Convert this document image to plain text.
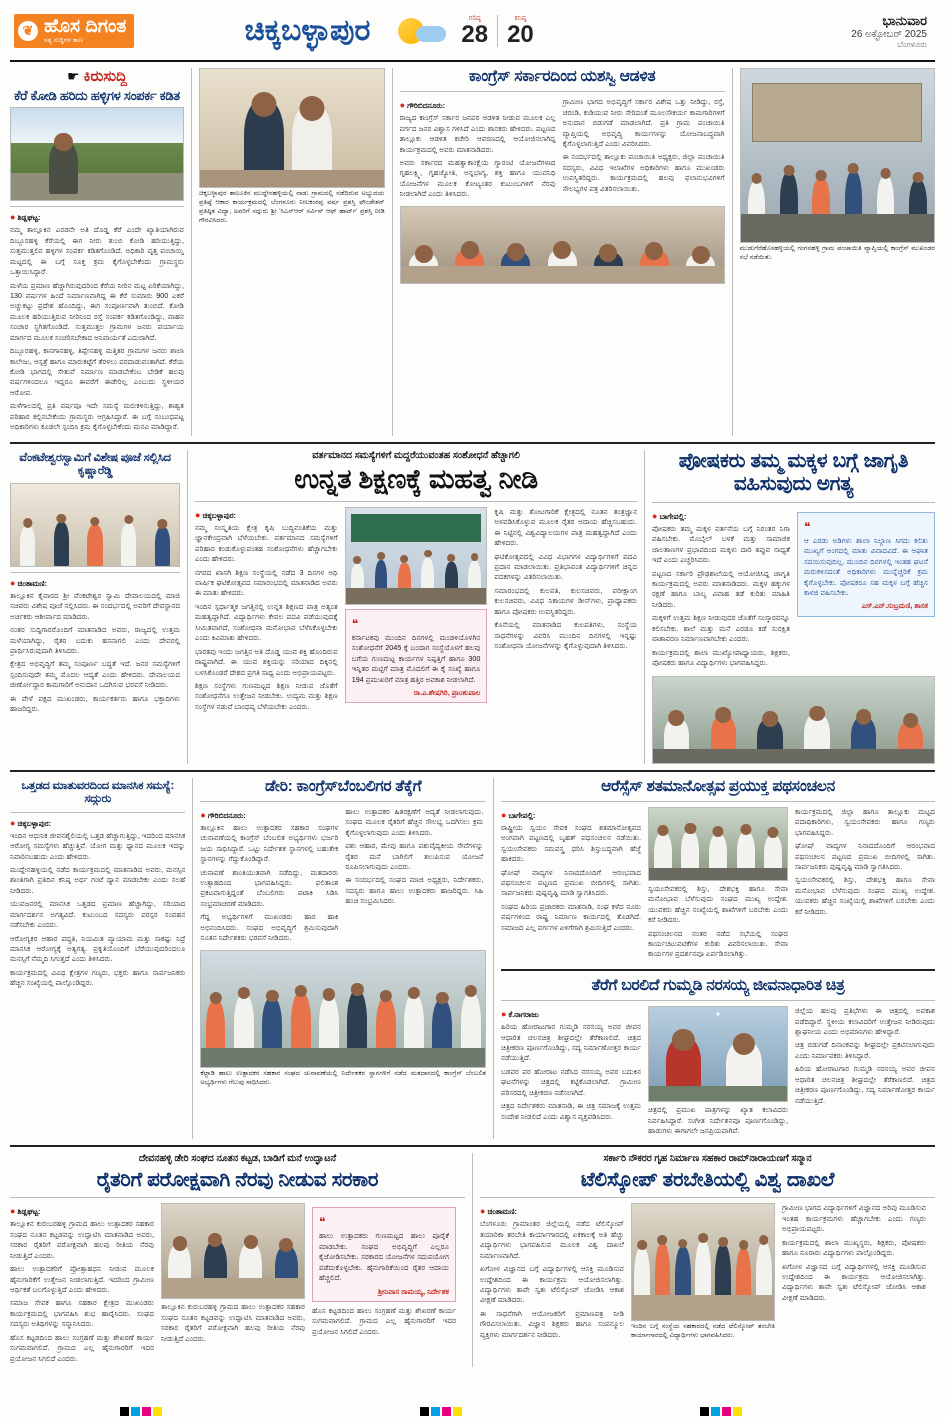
❦ ಹೊಸ ದಿಗಂತ
ಸತ್ಯ ಸುದ್ದಿಗಳ ತಾಣ	ಚಿಕ್ಕಬಳ್ಳಾಪುರ	ಗರಿಷ್ಠ
28
ಕನಿಷ್ಠ
20
ಭಾನುವಾರ
26 ಅಕ್ಟೋಬರ್ 2025
ಬೆಂಗಳೂರು
☛ ಕಿರುಸುದ್ದಿ
ಕೆರೆ ಕೋಡಿ ಹರಿದು ಹಳ್ಳಿಗಳ ಸಂಪರ್ಕ ಕಡಿತ
● ಶಿಡ್ಲಘಟ್ಟ:

ನಮ್ಮ ತಾಲ್ಲೂಕಿನ ಎರಡನೇ ಅತಿ ದೊಡ್ಡ ಕೆರೆ ಎಂದೇ ಖ್ಯಾತಿಯಾಗಿರುವ ದಿಬ್ಬೂರಹಳ್ಳಿ ಕೆರೆಯಲ್ಲಿ ಈಗ ನೀರು ತುಂಬಿ ಕೋಡಿ ಹರಿಯುತ್ತಿದ್ದು, ಸುತ್ತಮುತ್ತಲಿನ ಹಳ್ಳಿಗಳ ಸಂಪರ್ಕ ಕಡಿತಗೊಂಡಿದೆ. ಅಧಿಕಾರಿ ವೃತ್ತ ಪಂಚಾಯ್ತಿ ಮಟ್ಟದಲ್ಲಿ ಈ ಬಗ್ಗೆ ಸೂಕ್ತ ಕ್ರಮ ಕೈಗೊಳ್ಳಬೇಕೆಂದು ಗ್ರಾಮಸ್ಥರು ಒತ್ತಾಯಿಸಿದ್ದಾರೆ.

ಮಳೆಯ ಪ್ರಮಾಣ ಹೆಚ್ಚಾಗಿರುವುದರಿಂದ ಕೆರೆಯ ನೀರಿನ ಮಟ್ಟ ಏರಿಕೆಯಾಗಿದ್ದು, 130 ವರ್ಷಗಳ ಹಿಂದೆ ನಿರ್ಮಾಣವಾಗಿದ್ದ ಈ ಕೆರೆ ಸುಮಾರು 900 ಎಕರೆ ಅಚ್ಚುಕಟ್ಟು ಪ್ರದೇಶ ಹೊಂದಿದ್ದು, ಈಗ ಸಂಪೂರ್ಣವಾಗಿ ತುಂಬಿದೆ. ಕೋಡಿ ಮೂಲಕ ಹರಿಯುತ್ತಿರುವ ನೀರಿನಿಂದ ರಸ್ತೆ ಸಂಪರ್ಕ ಕಡಿತಗೊಂಡಿದ್ದು, ವಾಹನ ಸಂಚಾರ ಸ್ಥಗಿತಗೊಂಡಿದೆ. ಸುತ್ತಮುತ್ತಲ ಗ್ರಾಮಗಳ ಜನರು ಪರ್ಯಾಯ ಮಾರ್ಗದ ಮೂಲಕ ಸಂಚರಿಸಬೇಕಾದ ಅನಿವಾರ್ಯತೆ ಎದುರಾಗಿದೆ.

ದಿಬ್ಬೂರಹಳ್ಳಿ, ಕಾನಗಾನಹಳ್ಳಿ, ತಿಪ್ಪೇನಹಳ್ಳಿ ಮತ್ತಿತರ ಗ್ರಾಮಗಳ ಜನರು ಶಾಲಾ ಕಾಲೇಜು, ಆಸ್ಪತ್ರೆ ಹಾಗೂ ಮಾರುಕಟ್ಟೆಗೆ ತೆರಳಲು ಪರದಾಡುವಂತಾಗಿದೆ. ಕೆರೆಯ ಕೋಡಿ ಭಾಗದಲ್ಲಿ ಸೇತುವೆ ನಿರ್ಮಾಣ ಮಾಡಬೇಕೆಂಬ ಬೇಡಿಕೆ ಹಲವು ವರ್ಷಗಳಿಂದಲೂ ಇದ್ದರೂ ಈವರೆಗೆ ಈಡೇರಿಲ್ಲ ಎಂಬುದು ಸ್ಥಳೀಯರ ಆರೋಪ.

ಮಳೆಗಾಲದಲ್ಲಿ ಪ್ರತಿ ವರ್ಷವೂ ಇದೇ ಸಮಸ್ಯೆ ಮರುಕಳಿಸುತ್ತಿದ್ದು, ಶಾಶ್ವತ ಪರಿಹಾರ ಕಲ್ಪಿಸಬೇಕೆಂದು ಗ್ರಾಮಸ್ಥರು ಆಗ್ರಹಿಸಿದ್ದಾರೆ. ಈ ಬಗ್ಗೆ ಸಂಬಂಧಪಟ್ಟ ಅಧಿಕಾರಿಗಳು ಕೂಡಲೇ ಸ್ಪಂದಿಸಿ ಕ್ರಮ ಕೈಗೊಳ್ಳಬೇಕೆಂದು ಮನವಿ ಮಾಡಿದ್ದಾರೆ.

ಚಿಕ್ಕಬಳ್ಳಾಪುರ ತಾಲೂಕಿನ ಮುದ್ದೇನಹಳ್ಳಿಯಲ್ಲಿ ನಾಡು ಗ್ರಾಮದಲ್ಲಿ ನಡೆದಿರುವ ಅಭ್ಯುದಯ ಪ್ರತಿಷ್ಠೆ ಆಕಾರ ಕಾರ್ಯಕ್ರಮದಲ್ಲಿ ಬೆಂಗಳೂರು ನೀಲಕಂಠಪ್ಪ ವರ್ಷ ಪ್ರಶಸ್ತಿ ಫೌಂಡೇಶನ್ ಪ್ರತಿಷ್ಠಿತ ವಿದ್ಯಾ, ಅವರಿಗೆ ಸದ್ಗುರು ಶ್ರೀ 'ಸಿಎಸ್ಆರ್ ಸರ್ವಿಸ್ ಆಫ್ ಹಾರ್ಟ್' ಪ್ರಶಸ್ತಿ ನೀಡಿ ಗೌರವಿಸಿದರು.
ಕಾಂಗ್ರೆಸ್ ಸರ್ಕಾರದಿಂದ ಯಶಸ್ವಿ ಆಡಳಿತ
● ಗೌರಿಬಿದನೂರು:

ರಾಜ್ಯದ ಕಾಂಗ್ರೆಸ್ ಸರ್ಕಾರ ಜನಪರ ಆಡಳಿತ ನೀಡುವ ಮೂಲಕ ಎಲ್ಲ ವರ್ಗದ ಜನರ ವಿಶ್ವಾಸ ಗಳಿಸಿದೆ ಎಂದು ಶಾಸಕರು ಹೇಳಿದರು. ಪಟ್ಟಣದ ತಾಲ್ಲೂಕು ಆಡಳಿತ ಕಚೇರಿ ಆವರಣದಲ್ಲಿ ಆಯೋಜಿಸಲಾಗಿದ್ದ ಕಾರ್ಯಕ್ರಮದಲ್ಲಿ ಅವರು ಮಾತನಾಡಿದರು.

ಅವರು ಸರ್ಕಾರದ ಮಹತ್ವಾಕಾಂಕ್ಷೆಯ ಗ್ಯಾರಂಟಿ ಯೋಜನೆಗಳಾದ ಗೃಹಲಕ್ಷ್ಮಿ, ಗೃಹಜ್ಯೋತಿ, ಅನ್ನಭಾಗ್ಯ, ಶಕ್ತಿ ಹಾಗೂ ಯುವನಿಧಿ ಯೋಜನೆಗಳ ಮೂಲಕ ಕೋಟ್ಯಂತರ ಕುಟುಂಬಗಳಿಗೆ ನೆರವು ನೀಡಲಾಗಿದೆ ಎಂದು ತಿಳಿಸಿದರು.

ಗ್ರಾಮೀಣ ಭಾಗದ ಅಭಿವೃದ್ಧಿಗೆ ಸರ್ಕಾರ ವಿಶೇಷ ಒತ್ತು ನೀಡಿದ್ದು, ರಸ್ತೆ, ಚರಂಡಿ, ಕುಡಿಯುವ ನೀರು ಸೇರಿದಂತೆ ಮೂಲಸೌಕರ್ಯ ಕಾಮಗಾರಿಗಳಿಗೆ ಅನುದಾನ ಬಿಡುಗಡೆ ಮಾಡಲಾಗಿದೆ. ಪ್ರತಿ ಗ್ರಾಮ ಪಂಚಾಯಿತಿ ವ್ಯಾಪ್ತಿಯಲ್ಲಿ ಅಭಿವೃದ್ಧಿ ಕಾರ್ಯಗಳನ್ನು ಯೋಜನಾಬದ್ಧವಾಗಿ ಕೈಗೊಳ್ಳಲಾಗುತ್ತಿದೆ ಎಂದು ವಿವರಿಸಿದರು.

ಈ ಸಂದರ್ಭದಲ್ಲಿ ತಾಲ್ಲೂಕು ಪಂಚಾಯಿತಿ ಅಧ್ಯಕ್ಷರು, ಜಿಲ್ಲಾ ಪಂಚಾಯಿತಿ ಸದಸ್ಯರು, ವಿವಿಧ ಇಲಾಖೆಗಳ ಅಧಿಕಾರಿಗಳು ಹಾಗೂ ಮುಖಂಡರು ಉಪಸ್ಥಿತರಿದ್ದರು. ಕಾರ್ಯಕ್ರಮದಲ್ಲಿ ಹಲವು ಫಲಾನುಭವಿಗಳಿಗೆ ಸೌಲಭ್ಯಗಳ ಪತ್ರ ವಿತರಿಸಲಾಯಿತು.

ಮುಡುಗೆರೆಹೊಸಹಳ್ಳಿಯಲ್ಲಿ ಗಂಗನಹಳ್ಳಿ ಗ್ರಾಮ ಪಂಚಾಯಿತಿ ವ್ಯಾಪ್ತಿಯಲ್ಲಿ ಕಾಂಗ್ರೆಸ್ ಮುಖಂಡರ ಸಭೆ ನಡೆಯಿತು.
ವೆಂಕಟೇಶ್ವರಸ್ವಾಮಿಗೆ ವಿಶೇಷ ಪೂಜೆ ಸಲ್ಲಿಸಿದ ಕೃಷ್ಣಾರೆಡ್ಡಿ
● ಚಿಂತಾಮಣಿ:

ತಾಲ್ಲೂಕಿನ ಕೈವಾರದ ಶ್ರೀ ವೆಂಕಟೇಶ್ವರ ಸ್ವಾಮಿ ದೇವಾಲಯದಲ್ಲಿ ಮಾಜಿ ಸಚಿವರು ವಿಶೇಷ ಪೂಜೆ ಸಲ್ಲಿಸಿದರು. ಈ ಸಂದರ್ಭದಲ್ಲಿ ಅವರಿಗೆ ದೇವಸ್ಥಾನದ ಅರ್ಚಕರು ಆಶೀರ್ವಾದ ಮಾಡಿದರು.

ನಂತರ ಸುದ್ದಿಗಾರರೊಂದಿಗೆ ಮಾತನಾಡಿದ ಅವರು, ರಾಜ್ಯದಲ್ಲಿ ಉತ್ತಮ ಮಳೆಯಾಗಿದ್ದು, ರೈತರ ಬದುಕು ಹಸನಾಗಲಿ ಎಂದು ದೇವರಲ್ಲಿ ಪ್ರಾರ್ಥಿಸಿರುವುದಾಗಿ ತಿಳಿಸಿದರು.

ಕ್ಷೇತ್ರದ ಅಭಿವೃದ್ಧಿಗೆ ತಮ್ಮ ಸಂಪೂರ್ಣ ಬದ್ಧತೆ ಇದೆ. ಜನರ ಸಮಸ್ಯೆಗಳಿಗೆ ಸ್ಪಂದಿಸುವುದೇ ತಮ್ಮ ಮೊದಲ ಆದ್ಯತೆ ಎಂದು ಹೇಳಿದರು. ದೇವಾಲಯದ ಜೀರ್ಣೋದ್ಧಾರ ಕಾಮಗಾರಿಗೆ ಅನುದಾನ ಒದಗಿಸುವ ಭರವಸೆ ನೀಡಿದರು.

ಈ ವೇಳೆ ಪಕ್ಷದ ಮುಖಂಡರು, ಕಾರ್ಯಕರ್ತರು ಹಾಗೂ ಭಕ್ತಾದಿಗಳು ಹಾಜರಿದ್ದರು.

ವರ್ತಮಾನದ ಸಮಸ್ಯೆಗಳಿಗೆ ಮದ್ದರೆಯುವಂತಹ ಸಂಶೋಧನೆ ಹೆಚ್ಚಾಗಲಿ
ಉನ್ನತ ಶಿಕ್ಷಣಕ್ಕೆ ಮಹತ್ವ ನೀಡಿ
● ಚಿಕ್ಕಬಳ್ಳಾಪುರ:

ನಮ್ಮ ಸಂಸ್ಕೃತಿಯ ಕ್ಷೇತ್ರ ಕೃಷಿ ಬುದ್ಧಿವಂತಿಕೆಯ ಮತ್ತು ಜ್ಞಾನಕೇಂದ್ರವಾಗಿ ಬೆಳೆಯಬೇಕು. ವರ್ತಮಾನದ ಸಮಸ್ಯೆಗಳಿಗೆ ಪರಿಹಾರ ಕಂಡುಕೊಳ್ಳುವಂತಹ ಸಂಶೋಧನೆಗಳು ಹೆಚ್ಚಾಗಬೇಕು ಎಂದು ಹೇಳಿದರು.

ನಗರದ ಖಾಸಗಿ ಶಿಕ್ಷಣ ಸಂಸ್ಥೆಯಲ್ಲಿ ನಡೆದ 3 ದಿನಗಳ ಅಧಿ ವಾರ್ಷಿಕ ಘಟಿಕೋತ್ಸವದ ಸಮಾರಂಭದಲ್ಲಿ ಮಾತನಾಡಿದ ಅವರು ಈ ಮಾತು ಹೇಳಿದರು.

ಇಂದಿನ ಸ್ಪರ್ಧಾತ್ಮಕ ಜಗತ್ತಿನಲ್ಲಿ ಉನ್ನತ ಶಿಕ್ಷಣದ ಪಾತ್ರ ಅತ್ಯಂತ ಮಹತ್ವದ್ದಾಗಿದೆ. ವಿದ್ಯಾರ್ಥಿಗಳು ಕೇವಲ ಪದವಿ ಪಡೆಯುವುದಕ್ಕೆ ಸೀಮಿತವಾಗದೆ, ಸಂಶೋಧನಾ ಮನೋಭಾವ ಬೆಳೆಸಿಕೊಳ್ಳಬೇಕು ಎಂದು ಕಿವಿಮಾತು ಹೇಳಿದರು.

ಭಾರತವು ಇಂದು ಜಗತ್ತಿನ ಅತಿ ದೊಡ್ಡ ಯುವ ಶಕ್ತಿ ಹೊಂದಿರುವ ರಾಷ್ಟ್ರವಾಗಿದೆ. ಈ ಯುವ ಶಕ್ತಿಯನ್ನು ಸರಿಯಾದ ದಿಕ್ಕಿನಲ್ಲಿ ಬಳಸಿಕೊಂಡರೆ ದೇಶದ ಪ್ರಗತಿ ಸಾಧ್ಯ ಎಂದು ಅಭಿಪ್ರಾಯಪಟ್ಟರು.

ಶಿಕ್ಷಣ ಸಂಸ್ಥೆಗಳು ಗುಣಮಟ್ಟದ ಶಿಕ್ಷಣ ನೀಡುವ ಜೊತೆಗೆ ಸಂಶೋಧನೆಗೂ ಉತ್ತೇಜನ ನೀಡಬೇಕು. ಉದ್ಯಮ ಮತ್ತು ಶಿಕ್ಷಣ ಸಂಸ್ಥೆಗಳ ನಡುವೆ ಬಾಂಧವ್ಯ ಬೆಳೆಯಬೇಕು ಎಂದರು.

❝

ಕರ್ನಾಟಕವು ಮುಂದಿನ ದಿನಗಳಲ್ಲಿ ಮಂಡಳಿಯೊಳಗಿನ ಸಂಶೋಧನೆಗೆ 2045 ಕ್ಕೆ ಬಂದಾಗ ಸಂಸ್ಥೆಯೊಳಗೆ ಹಲವು ಬಗೆಯ ಗುಣಮಟ್ಟ ಕಾರ್ಯಗಳ ನಿಷ್ಪತ್ತಿಗೆ ಹಾಗೂ 300 ಇನ್ನಿತರ ಮಟ್ಟಿಗೆ ಮಾತ್ರ ಮೊದಲಿಗೆ ಈ ಕೈ ಸಂಖ್ಯೆ ಹಾಗೂ 194 ಪ್ರಮುಖರಿಗೆ ಮಾತ್ರ ಹತ್ತಿರ ಅವಕಾಶ ನೀಡಲಾಗಿದೆ.

ರಾ.ಎ.ಶೇಷಗಿರಿ, ಪ್ರಾಂಶುಪಾಲ

ಕೃಷಿ ಮತ್ತು ತೋಟಗಾರಿಕೆ ಕ್ಷೇತ್ರದಲ್ಲಿ ನೂತನ ತಂತ್ರಜ್ಞಾನ ಅಳವಡಿಸಿಕೊಳ್ಳುವ ಮೂಲಕ ರೈತರ ಆದಾಯ ಹೆಚ್ಚಿಸಬಹುದು. ಈ ನಿಟ್ಟಿನಲ್ಲಿ ವಿಶ್ವವಿದ್ಯಾಲಯಗಳ ಪಾತ್ರ ಮಹತ್ವದ್ದಾಗಿದೆ ಎಂದು ಹೇಳಿದರು.

ಘಟಿಕೋತ್ಸವದಲ್ಲಿ ವಿವಿಧ ವಿಭಾಗಗಳ ವಿದ್ಯಾರ್ಥಿಗಳಿಗೆ ಪದವಿ ಪ್ರದಾನ ಮಾಡಲಾಯಿತು. ಪ್ರತಿಭಾವಂತ ವಿದ್ಯಾರ್ಥಿಗಳಿಗೆ ಚಿನ್ನದ ಪದಕಗಳನ್ನು ವಿತರಿಸಲಾಯಿತು.

ಸಮಾರಂಭದಲ್ಲಿ ಕುಲಪತಿ, ಕುಲಸಚಿವರು, ಪರೀಕ್ಷಾಂಗ ಕುಲಸಚಿವರು, ವಿವಿಧ ನಿಕಾಯಗಳ ಡೀನ್‌ಗಳು, ಪ್ರಾಧ್ಯಾಪಕರು ಹಾಗೂ ಪೋಷಕರು ಉಪಸ್ಥಿತರಿದ್ದರು.

ಕೊನೆಯಲ್ಲಿ ಮಾತನಾಡಿದ ಕುಲಪತಿಗಳು, ಸಂಸ್ಥೆಯ ಸಾಧನೆಗಳನ್ನು ವಿವರಿಸಿ ಮುಂದಿನ ದಿನಗಳಲ್ಲಿ ಇನ್ನಷ್ಟು ಸಂಶೋಧನಾ ಯೋಜನೆಗಳನ್ನು ಕೈಗೊಳ್ಳುವುದಾಗಿ ತಿಳಿಸಿದರು.

ಪೋಷಕರು ತಮ್ಮ ಮಕ್ಕಳ ಬಗ್ಗೆ ಜಾಗೃತಿ ವಹಿಸುವುದು ಅಗತ್ಯ
● ಬಾಗೇಪಲ್ಲಿ:

ಪೋಷಕರು ತಮ್ಮ ಮಕ್ಕಳ ವರ್ತನೆಯ ಬಗ್ಗೆ ನಿರಂತರ ನಿಗಾ ವಹಿಸಬೇಕು. ಮೊಬೈಲ್ ಬಳಕೆ ಮತ್ತು ಸಾಮಾಜಿಕ ಜಾಲತಾಣಗಳ ಪ್ರಭಾವದಿಂದ ಮಕ್ಕಳು ದಾರಿ ತಪ್ಪುವ ಸಾಧ್ಯತೆ ಇದೆ ಎಂದು ಎಚ್ಚರಿಸಿದರು.

ಪಟ್ಟಣದ ಸರ್ಕಾರಿ ಪ್ರೌಢಶಾಲೆಯಲ್ಲಿ ಆಯೋಜಿಸಿದ್ದ ಜಾಗೃತಿ ಕಾರ್ಯಕ್ರಮದಲ್ಲಿ ಅವರು ಮಾತನಾಡಿದರು. ಮಕ್ಕಳ ಹಕ್ಕುಗಳ ರಕ್ಷಣೆ ಹಾಗೂ ಬಾಲ್ಯ ವಿವಾಹ ತಡೆ ಕುರಿತು ಮಾಹಿತಿ ನೀಡಿದರು.

ಮಕ್ಕಳಿಗೆ ಉತ್ತಮ ಶಿಕ್ಷಣ ನೀಡುವುದರ ಜೊತೆಗೆ ಸಂಸ್ಕಾರವನ್ನೂ ಕಲಿಸಬೇಕು. ಶಾಲೆ ಮತ್ತು ಮನೆ ಎರಡೂ ಕಡೆ ಸುರಕ್ಷಿತ ವಾತಾವರಣ ನಿರ್ಮಾಣವಾಗಬೇಕು ಎಂದರು.

ಕಾರ್ಯಕ್ರಮದಲ್ಲಿ ಶಾಲಾ ಮುಖ್ಯೋಪಾಧ್ಯಾಯರು, ಶಿಕ್ಷಕರು, ಪೋಷಕರು ಹಾಗೂ ವಿದ್ಯಾರ್ಥಿಗಳು ಭಾಗವಹಿಸಿದ್ದರು.

❝

ಆ ಎರಡು ಅಡಿಗಳು ಶಾಲಾ ನಿಲ್ದಾಣ ಸಿಗದು ಕಲಿತು ಮುಖ್ಯಗೆ ಅಂಗದಲ್ಲಿ ಮಾತು ವಿವಾದವಿದೆ. ಈ ಆಘಾತ ಸದಯಿಸುವುದಿಲ್ಲ. ಮುಂದಿನ ದಿನಗಳಲ್ಲಿ ಇಂತಹ ಘಟನೆ ಮರುಕಳಿಸದಂತೆ ಅಧಿಕಾರಿಗಳು ಮುನ್ನೆಚ್ಚರಿಕೆ ಕ್ರಮ ಕೈಗೊಳ್ಳಬೇಕು. ಪೋಷಕರೂ ಸಹ ಮಕ್ಕಳ ಬಗ್ಗೆ ಹೆಚ್ಚಿನ ಕಾಳಜಿ ವಹಿಸಬೇಕು.

ಎಸ್.ಎನ್.ಸುಬ್ರಮಣಿ, ಶಾಸಕ
ಒತ್ತಡದ ಮಾತುವರದಿಂದ ಮಾನಸಿಕ ಸಮಸ್ಯೆ: ಸದ್ಗುರು
● ಚಿಕ್ಕಬಳ್ಳಾಪುರ:

ಇಂದಿನ ಆಧುನಿಕ ಜೀವನಶೈಲಿಯಲ್ಲಿ ಒತ್ತಡ ಹೆಚ್ಚಾಗುತ್ತಿದ್ದು, ಇದರಿಂದ ಮಾನಸಿಕ ಆರೋಗ್ಯ ಸಮಸ್ಯೆಗಳು ಹೆಚ್ಚುತ್ತಿವೆ. ಯೋಗ ಮತ್ತು ಧ್ಯಾನದ ಮೂಲಕ ಇದನ್ನು ನಿವಾರಿಸಬಹುದು ಎಂದು ಹೇಳಿದರು.

ಮುದ್ದೇನಹಳ್ಳಿಯಲ್ಲಿ ನಡೆದ ಕಾರ್ಯಕ್ರಮದಲ್ಲಿ ಮಾತನಾಡಿದ ಅವರು, ಮನಸ್ಸಿನ ಶಾಂತಿಗಾಗಿ ಪ್ರತಿದಿನ ಕನಿಷ್ಠ ಅರ್ಧ ಗಂಟೆ ಧ್ಯಾನ ಮಾಡಬೇಕು ಎಂದು ಸಲಹೆ ನೀಡಿದರು.

ಯುವಜನರಲ್ಲಿ ಮಾನಸಿಕ ಒತ್ತಡದ ಪ್ರಮಾಣ ಹೆಚ್ಚಾಗಿದ್ದು, ಸರಿಯಾದ ಮಾರ್ಗದರ್ಶನ ಅಗತ್ಯವಿದೆ. ಕುಟುಂಬದ ಸದಸ್ಯರು ಪರಸ್ಪರ ಸಂವಹನ ನಡೆಸಬೇಕು ಎಂದರು.

ಆರೋಗ್ಯಕರ ಆಹಾರ ಪದ್ಧತಿ, ನಿಯಮಿತ ವ್ಯಾಯಾಮ ಮತ್ತು ಸಾಕಷ್ಟು ನಿದ್ರೆ ಮಾನಸಿಕ ಆರೋಗ್ಯಕ್ಕೆ ಅತ್ಯಗತ್ಯ. ಪ್ರಕೃತಿಯೊಂದಿಗೆ ಬೆರೆಯುವುದರಿಂದಲೂ ಮನಸ್ಸಿಗೆ ನೆಮ್ಮದಿ ಸಿಗುತ್ತದೆ ಎಂದು ತಿಳಿಸಿದರು.

ಕಾರ್ಯಕ್ರಮದಲ್ಲಿ ವಿವಿಧ ಕ್ಷೇತ್ರಗಳ ಗಣ್ಯರು, ಭಕ್ತರು ಹಾಗೂ ಸಾರ್ವಜನಿಕರು ಹೆಚ್ಚಿನ ಸಂಖ್ಯೆಯಲ್ಲಿ ಪಾಲ್ಗೊಂಡಿದ್ದರು.

ಡೇರಿ: ಕಾಂಗ್ರೆಸ್‌ಬೆಂಬಲಿಗರ ತೆಕ್ಕೆಗೆ
● ಗೌರಿಬಿದನೂರು:

ತಾಲ್ಲೂಕಿನ ಹಾಲು ಉತ್ಪಾದಕರ ಸಹಕಾರ ಸಂಘಗಳ ಚುನಾವಣೆಯಲ್ಲಿ ಕಾಂಗ್ರೆಸ್ ಬೆಂಬಲಿತ ಅಭ್ಯರ್ಥಿಗಳು ಭರ್ಜರಿ ಜಯ ಸಾಧಿಸಿದ್ದಾರೆ. ಒಟ್ಟು ನಿರ್ದೇಶಕ ಸ್ಥಾನಗಳಲ್ಲಿ ಬಹುತೇಕ ಸ್ಥಾನಗಳನ್ನು ಗೆದ್ದುಕೊಂಡಿದ್ದಾರೆ.

ಚುನಾವಣೆ ಶಾಂತಿಯುತವಾಗಿ ನಡೆದಿದ್ದು, ಮತದಾರರು ಉತ್ಸಾಹದಿಂದ ಭಾಗವಹಿಸಿದ್ದರು. ಫಲಿತಾಂಶ ಪ್ರಕಟವಾಗುತ್ತಿದ್ದಂತೆ ಬೆಂಬಲಿಗರು ಪಟಾಕಿ ಸಿಡಿಸಿ ಸಂಭ್ರಮಾಚರಣೆ ಮಾಡಿದರು.

ಗೆದ್ದ ಅಭ್ಯರ್ಥಿಗಳಿಗೆ ಮುಖಂಡರು ಹಾರ ಹಾಕಿ ಅಭಿನಂದಿಸಿದರು. ಸಂಘದ ಅಭಿವೃದ್ಧಿಗೆ ಶ್ರಮಿಸುವುದಾಗಿ ನೂತನ ನಿರ್ದೇಶಕರು ಭರವಸೆ ನೀಡಿದರು.

ಹಾಲು ಉತ್ಪಾದಕರ ಹಿತರಕ್ಷಣೆಗೆ ಆದ್ಯತೆ ನೀಡಲಾಗುವುದು. ಸಂಘದ ಮೂಲಕ ರೈತರಿಗೆ ಹೆಚ್ಚಿನ ಸೌಲಭ್ಯ ಒದಗಿಸಲು ಕ್ರಮ ಕೈಗೊಳ್ಳಲಾಗುವುದು ಎಂದು ತಿಳಿಸಿದರು.

ಪಶು ಆಹಾರ, ಮೇವು ಹಾಗೂ ಪಶುವೈದ್ಯಕೀಯ ಸೇವೆಗಳನ್ನು ರೈತರ ಮನೆ ಬಾಗಿಲಿಗೆ ತಲುಪಿಸುವ ಯೋಜನೆ ರೂಪಿಸಲಾಗುವುದು ಎಂದರು.

ಈ ಸಂದರ್ಭದಲ್ಲಿ ಸಂಘದ ಮಾಜಿ ಅಧ್ಯಕ್ಷರು, ನಿರ್ದೇಶಕರು, ಸದಸ್ಯರು ಹಾಗೂ ಹಾಲು ಉತ್ಪಾದಕರು ಹಾಜರಿದ್ದರು. ಸಿಹಿ ಹಂಚಿ ಸಂಭ್ರಮಿಸಿದರು.

ಕೆಟ್ಟಾಡಿ ಹಾಲು ಉತ್ಪಾದಕರ ಸಹಕಾರ ಸಂಘದ ಚುನಾವಣೆಯಲ್ಲಿ ನಿರ್ದೇಶಕರ ಸ್ಥಾನಗಳಿಗೆ ನಡೆದ ಮತದಾನದಲ್ಲಿ ಕಾಂಗ್ರೆಸ್ ಬೆಂಬಲಿತ ಅಭ್ಯರ್ಥಿಗಳು ಗೆಲುವು ಸಾಧಿಸಿದರು.
ಆರೆಸ್ಸೆಸ್ ಶತಮಾನೋತ್ಸವ ಪ್ರಯುಕ್ತ ಪಥಸಂಚಲನ
● ಬಾಗೇಪಲ್ಲಿ:

ರಾಷ್ಟ್ರೀಯ ಸ್ವಯಂ ಸೇವಕ ಸಂಘದ ಶತಮಾನೋತ್ಸವದ ಅಂಗವಾಗಿ ಪಟ್ಟಣದಲ್ಲಿ ಬೃಹತ್ ಪಥಸಂಚಲನ ನಡೆಯಿತು. ಸ್ವಯಂಸೇವಕರು ಸಮವಸ್ತ್ರ ಧರಿಸಿ ಶಿಸ್ತುಬದ್ಧವಾಗಿ ಹೆಜ್ಜೆ ಹಾಕಿದರು.

ಘೋಷ್ ವಾದ್ಯಗಳ ನಿನಾದದೊಂದಿಗೆ ಆರಂಭವಾದ ಪಥಸಂಚಲನ ಪಟ್ಟಣದ ಪ್ರಮುಖ ಬೀದಿಗಳಲ್ಲಿ ಸಾಗಿತು. ಸಾರ್ವಜನಿಕರು ಪುಷ್ಪವೃಷ್ಟಿ ಮಾಡಿ ಸ್ವಾಗತಿಸಿದರು.

ಸಂಘದ ಹಿರಿಯ ಪ್ರಚಾರಕರು ಮಾತನಾಡಿ, ಸಂಘ ಕಳೆದ ನೂರು ವರ್ಷಗಳಿಂದ ರಾಷ್ಟ್ರ ನಿರ್ಮಾಣ ಕಾರ್ಯದಲ್ಲಿ ತೊಡಗಿದೆ. ಸಮಾಜದ ಎಲ್ಲ ವರ್ಗಗಳ ಏಳಿಗೆಗಾಗಿ ಶ್ರಮಿಸುತ್ತಿದೆ ಎಂದರು.

ಸ್ವಯಂಸೇವಕರಲ್ಲಿ ಶಿಸ್ತು, ದೇಶಭಕ್ತಿ ಹಾಗೂ ಸೇವಾ ಮನೋಭಾವ ಬೆಳೆಸುವುದು ಸಂಘದ ಮುಖ್ಯ ಉದ್ದೇಶ. ಯುವಕರು ಹೆಚ್ಚಿನ ಸಂಖ್ಯೆಯಲ್ಲಿ ಶಾಖೆಗಳಿಗೆ ಬರಬೇಕು ಎಂದು ಕರೆ ನೀಡಿದರು.

ಪಥಸಂಚಲನದ ನಂತರ ನಡೆದ ಸಭೆಯಲ್ಲಿ ಸಂಘದ ಕಾರ್ಯಚಟುವಟಿಕೆಗಳ ಕುರಿತು ವಿವರಿಸಲಾಯಿತು. ಸೇವಾ ಕಾರ್ಯಗಳ ಪ್ರದರ್ಶನವೂ ಏರ್ಪಡಿಸಲಾಗಿತ್ತು.

ಕಾರ್ಯಕ್ರಮದಲ್ಲಿ ಜಿಲ್ಲಾ ಹಾಗೂ ತಾಲ್ಲೂಕು ಮಟ್ಟದ ಪದಾಧಿಕಾರಿಗಳು, ಸ್ವಯಂಸೇವಕರು ಹಾಗೂ ಗಣ್ಯರು ಭಾಗವಹಿಸಿದ್ದರು.

ಘೋಷ್ ವಾದ್ಯಗಳ ನಿನಾದದೊಂದಿಗೆ ಆರಂಭವಾದ ಪಥಸಂಚಲನ ಪಟ್ಟಣದ ಪ್ರಮುಖ ಬೀದಿಗಳಲ್ಲಿ ಸಾಗಿತು. ಸಾರ್ವಜನಿಕರು ಪುಷ್ಪವೃಷ್ಟಿ ಮಾಡಿ ಸ್ವಾಗತಿಸಿದರು.

ಸ್ವಯಂಸೇವಕರಲ್ಲಿ ಶಿಸ್ತು, ದೇಶಭಕ್ತಿ ಹಾಗೂ ಸೇವಾ ಮನೋಭಾವ ಬೆಳೆಸುವುದು ಸಂಘದ ಮುಖ್ಯ ಉದ್ದೇಶ. ಯುವಕರು ಹೆಚ್ಚಿನ ಸಂಖ್ಯೆಯಲ್ಲಿ ಶಾಖೆಗಳಿಗೆ ಬರಬೇಕು ಎಂದು ಕರೆ ನೀಡಿದರು.

ತೆರೆಗೆ ಬರಲಿದೆ ಗುಮ್ಮಡಿ ನರಸಯ್ಯ ಜೀವನಾಧಾರಿತ ಚಿತ್ರ
● ಕೆ.ನಾಗರಾಜು

ಹಿರಿಯ ಹೋರಾಟಗಾರ ಗುಮ್ಮಡಿ ನರಸಯ್ಯ ಅವರ ಜೀವನ ಆಧಾರಿತ ಚಲನಚಿತ್ರ ಶೀಘ್ರದಲ್ಲೇ ತೆರೆಕಾಣಲಿದೆ. ಚಿತ್ರದ ಚಿತ್ರೀಕರಣ ಪೂರ್ಣಗೊಂಡಿದ್ದು, ಸದ್ಯ ನಿರ್ಮಾಣೋತ್ತರ ಕಾರ್ಯ ನಡೆಯುತ್ತಿದೆ.

ಬಡವರ ಪರ ಹೋರಾಟ ನಡೆಸಿದ ನರಸಯ್ಯ ಅವರ ಬದುಕಿನ ಘಟನೆಗಳನ್ನು ಚಿತ್ರದಲ್ಲಿ ಕಟ್ಟಿಕೊಡಲಾಗಿದೆ. ಗ್ರಾಮೀಣ ಪರಿಸರದಲ್ಲಿ ಚಿತ್ರೀಕರಣ ನಡೆಸಲಾಗಿದೆ.

ಚಿತ್ರದ ನಿರ್ದೇಶಕರು ಮಾತನಾಡಿ, ಈ ಚಿತ್ರ ಸಮಾಜಕ್ಕೆ ಉತ್ತಮ ಸಂದೇಶ ನೀಡಲಿದೆ ಎಂದು ವಿಶ್ವಾಸ ವ್ಯಕ್ತಪಡಿಸಿದರು.

●

ಚಿತ್ರದಲ್ಲಿ ಪ್ರಮುಖ ಪಾತ್ರಗಳನ್ನು ಖ್ಯಾತ ಕಲಾವಿದರು ನಿರ್ವಹಿಸಿದ್ದಾರೆ. ಸಂಗೀತ ನಿರ್ದೇಶನವೂ ಪೂರ್ಣಗೊಂಡಿದ್ದು, ಹಾಡುಗಳು ಈಗಾಗಲೇ ಜನಪ್ರಿಯವಾಗಿವೆ.

ಜಿಲ್ಲೆಯ ಹಲವು ಪ್ರತಿಭೆಗಳು ಈ ಚಿತ್ರದಲ್ಲಿ ಅವಕಾಶ ಪಡೆದಿದ್ದಾರೆ. ಸ್ಥಳೀಯ ಕಲಾವಿದರಿಗೆ ಉತ್ತೇಜನ ನೀಡಿರುವುದು ಶ್ಲಾಘನೀಯ ಎಂದು ಅಭಿಮಾನಿಗಳು ಹೇಳಿದ್ದಾರೆ.

ಚಿತ್ರ ಬಿಡುಗಡೆ ದಿನಾಂಕವನ್ನು ಶೀಘ್ರದಲ್ಲೇ ಪ್ರಕಟಿಸಲಾಗುವುದು ಎಂದು ನಿರ್ಮಾಪಕರು ತಿಳಿಸಿದ್ದಾರೆ.

ಹಿರಿಯ ಹೋರಾಟಗಾರ ಗುಮ್ಮಡಿ ನರಸಯ್ಯ ಅವರ ಜೀವನ ಆಧಾರಿತ ಚಲನಚಿತ್ರ ಶೀಘ್ರದಲ್ಲೇ ತೆರೆಕಾಣಲಿದೆ. ಚಿತ್ರದ ಚಿತ್ರೀಕರಣ ಪೂರ್ಣಗೊಂಡಿದ್ದು, ಸದ್ಯ ನಿರ್ಮಾಣೋತ್ತರ ಕಾರ್ಯ ನಡೆಯುತ್ತಿದೆ.

ದೇವನಹಳ್ಳಿ ಡೇರಿ ಸಂಘದ ನೂತನ ಕಟ್ಟಡ, ಬಾಡಿಗೆ ಮನೆ ಉದ್ಘಾಟನೆ
ರೈತರಿಗೆ ಪರೋಕ್ಷವಾಗಿ ನೆರವು ನೀಡುವ ಸರಕಾರ
● ಶಿಡ್ಲಘಟ್ಟ:

ತಾಲ್ಲೂಕಿನ ಕುರುಬರಹಳ್ಳಿ ಗ್ರಾಮದ ಹಾಲು ಉತ್ಪಾದಕರ ಸಹಕಾರ ಸಂಘದ ನೂತನ ಕಟ್ಟಡವನ್ನು ಉದ್ಘಾಟಿಸಿ ಮಾತನಾಡಿದ ಅವರು, ಸರಕಾರ ರೈತರಿಗೆ ಪರೋಕ್ಷವಾಗಿ ಹಲವು ರೀತಿಯ ನೆರವು ನೀಡುತ್ತಿದೆ ಎಂದರು.

ಹಾಲು ಉತ್ಪಾದಕರಿಗೆ ಪ್ರೋತ್ಸಾಹಧನ ನೀಡುವ ಮೂಲಕ ಹೈನುಗಾರಿಕೆಗೆ ಉತ್ತೇಜನ ನೀಡಲಾಗುತ್ತಿದೆ. ಇದರಿಂದ ಗ್ರಾಮೀಣ ಆರ್ಥಿಕತೆ ಬಲಗೊಳ್ಳುತ್ತಿದೆ ಎಂದು ಹೇಳಿದರು.

ಸಮಾಜ ಸೇವಕ ಹಾಗೂ ಸಹಕಾರ ಕ್ಷೇತ್ರದ ಮುಖಂಡರು ಕಾರ್ಯಕ್ರಮದಲ್ಲಿ ಭಾಗವಹಿಸಿ ಶುಭ ಹಾರೈಸಿದರು. ಸಂಘದ ಸದಸ್ಯರು ಅತಿಥಿಗಳನ್ನು ಸನ್ಮಾನಿಸಿದರು.

ಹೊಸ ಕಟ್ಟಡದಿಂದ ಹಾಲು ಸಂಗ್ರಹಣೆ ಮತ್ತು ಶೇಖರಣೆ ಕಾರ್ಯ ಸುಗಮವಾಗಲಿದೆ. ಗ್ರಾಮದ ಎಲ್ಲ ಹೈನುಗಾರರಿಗೆ ಇದರ ಪ್ರಯೋಜನ ಸಿಗಲಿದೆ ಎಂದರು.

ತಾಲ್ಲೂಕಿನ ಕುರುಬರಹಳ್ಳಿ ಗ್ರಾಮದ ಹಾಲು ಉತ್ಪಾದಕರ ಸಹಕಾರ ಸಂಘದ ನೂತನ ಕಟ್ಟಡವನ್ನು ಉದ್ಘಾಟಿಸಿ ಮಾತನಾಡಿದ ಅವರು, ಸರಕಾರ ರೈತರಿಗೆ ಪರೋಕ್ಷವಾಗಿ ಹಲವು ರೀತಿಯ ನೆರವು ನೀಡುತ್ತಿದೆ ಎಂದರು.

❝

ಹಾಲು ಉತ್ಪಾದಕರು ಗುಣಮಟ್ಟದ ಹಾಲು ಪೂರೈಕೆ ಮಾಡಬೇಕು. ಸಂಘದ ಅಭಿವೃದ್ಧಿಗೆ ಎಲ್ಲರೂ ಕೈಜೋಡಿಸಬೇಕು. ಸರಕಾರದ ಯೋಜನೆಗಳ ಸದುಪಯೋಗ ಪಡೆದುಕೊಳ್ಳಬೇಕು. ಹೈನುಗಾರಿಕೆಯಿಂದ ರೈತರ ಆದಾಯ ಹೆಚ್ಚಲಿದೆ.

ಶ್ರೀನಿವಾಸ ರಾಮಯ್ಯ, ನಿರ್ದೇಶಕ

ಹೊಸ ಕಟ್ಟಡದಿಂದ ಹಾಲು ಸಂಗ್ರಹಣೆ ಮತ್ತು ಶೇಖರಣೆ ಕಾರ್ಯ ಸುಗಮವಾಗಲಿದೆ. ಗ್ರಾಮದ ಎಲ್ಲ ಹೈನುಗಾರರಿಗೆ ಇದರ ಪ್ರಯೋಜನ ಸಿಗಲಿದೆ ಎಂದರು.

ಸರ್ಕಾರಿ ನೌಕರರ ಗೃಹ ನಿರ್ಮಾಣ ಸಹಕಾರ ರಾಮ್‌ನಾರಾಯಣಗೆ ಸನ್ಮಾನ
ಟೆಲಿಸ್ಕೋಪ್ ತರಬೇತಿಯಲ್ಲಿ ವಿಶ್ವ ದಾಖಲೆ
● ಚಿಂತಾಮಣಿ:

ಬೆಂಗಳೂರು ಗ್ರಾಮಾಂತರ ಜಿಲ್ಲೆಯಲ್ಲಿ ನಡೆದ ಟೆಲಿಸ್ಕೋಪ್ ತಯಾರಿಕಾ ತರಬೇತಿ ಕಾರ್ಯಾಗಾರದಲ್ಲಿ ಏಕಕಾಲಕ್ಕೆ ಅತಿ ಹೆಚ್ಚು ವಿದ್ಯಾರ್ಥಿಗಳು ಭಾಗವಹಿಸುವ ಮೂಲಕ ವಿಶ್ವ ದಾಖಲೆ ನಿರ್ಮಾಣವಾಗಿದೆ.

ಖಗೋಳ ವಿಜ್ಞಾನದ ಬಗ್ಗೆ ವಿದ್ಯಾರ್ಥಿಗಳಲ್ಲಿ ಆಸಕ್ತಿ ಮೂಡಿಸುವ ಉದ್ದೇಶದಿಂದ ಈ ಕಾರ್ಯಕ್ರಮ ಆಯೋಜಿಸಲಾಗಿತ್ತು. ವಿದ್ಯಾರ್ಥಿಗಳು ತಾವೇ ಸ್ವತಃ ಟೆಲಿಸ್ಕೋಪ್ ಜೋಡಿಸಿ ಆಕಾಶ ವೀಕ್ಷಣೆ ಮಾಡಿದರು.

ಈ ಸಾಧನೆಗಾಗಿ ಆಯೋಜಕರಿಗೆ ಪ್ರಮಾಣಪತ್ರ ನೀಡಿ ಗೌರವಿಸಲಾಯಿತು. ವಿಜ್ಞಾನ ಶಿಕ್ಷಕರು ಹಾಗೂ ಸಂಪನ್ಮೂಲ ವ್ಯಕ್ತಿಗಳು ಮಾರ್ಗದರ್ಶನ ನೀಡಿದರು.

ಇಂದಿನ ಬಗ್ಗೆ ಸಂಸ್ಥೆಯ ಸಹಕಾರದಲ್ಲಿ ನಡೆದ ಟೆಲಿಸ್ಕೋಪ್ ತರಬೇತಿ ಕಾರ್ಯಾಗಾರದಲ್ಲಿ ವಿದ್ಯಾರ್ಥಿಗಳು ಭಾಗವಹಿಸಿದರು.

ಗ್ರಾಮೀಣ ಭಾಗದ ವಿದ್ಯಾರ್ಥಿಗಳಿಗೆ ವಿಜ್ಞಾನದ ಅರಿವು ಮೂಡಿಸುವ ಇಂತಹ ಕಾರ್ಯಕ್ರಮಗಳು ಹೆಚ್ಚಾಗಬೇಕು ಎಂದು ಗಣ್ಯರು ಅಭಿಪ್ರಾಯಪಟ್ಟರು.

ಕಾರ್ಯಕ್ರಮದಲ್ಲಿ ಶಾಲಾ ಮುಖ್ಯಸ್ಥರು, ಶಿಕ್ಷಕರು, ಪೋಷಕರು ಹಾಗೂ ನೂರಾರು ವಿದ್ಯಾರ್ಥಿಗಳು ಪಾಲ್ಗೊಂಡಿದ್ದರು.

ಖಗೋಳ ವಿಜ್ಞಾನದ ಬಗ್ಗೆ ವಿದ್ಯಾರ್ಥಿಗಳಲ್ಲಿ ಆಸಕ್ತಿ ಮೂಡಿಸುವ ಉದ್ದೇಶದಿಂದ ಈ ಕಾರ್ಯಕ್ರಮ ಆಯೋಜಿಸಲಾಗಿತ್ತು. ವಿದ್ಯಾರ್ಥಿಗಳು ತಾವೇ ಸ್ವತಃ ಟೆಲಿಸ್ಕೋಪ್ ಜೋಡಿಸಿ ಆಕಾಶ ವೀಕ್ಷಣೆ ಮಾಡಿದರು.
